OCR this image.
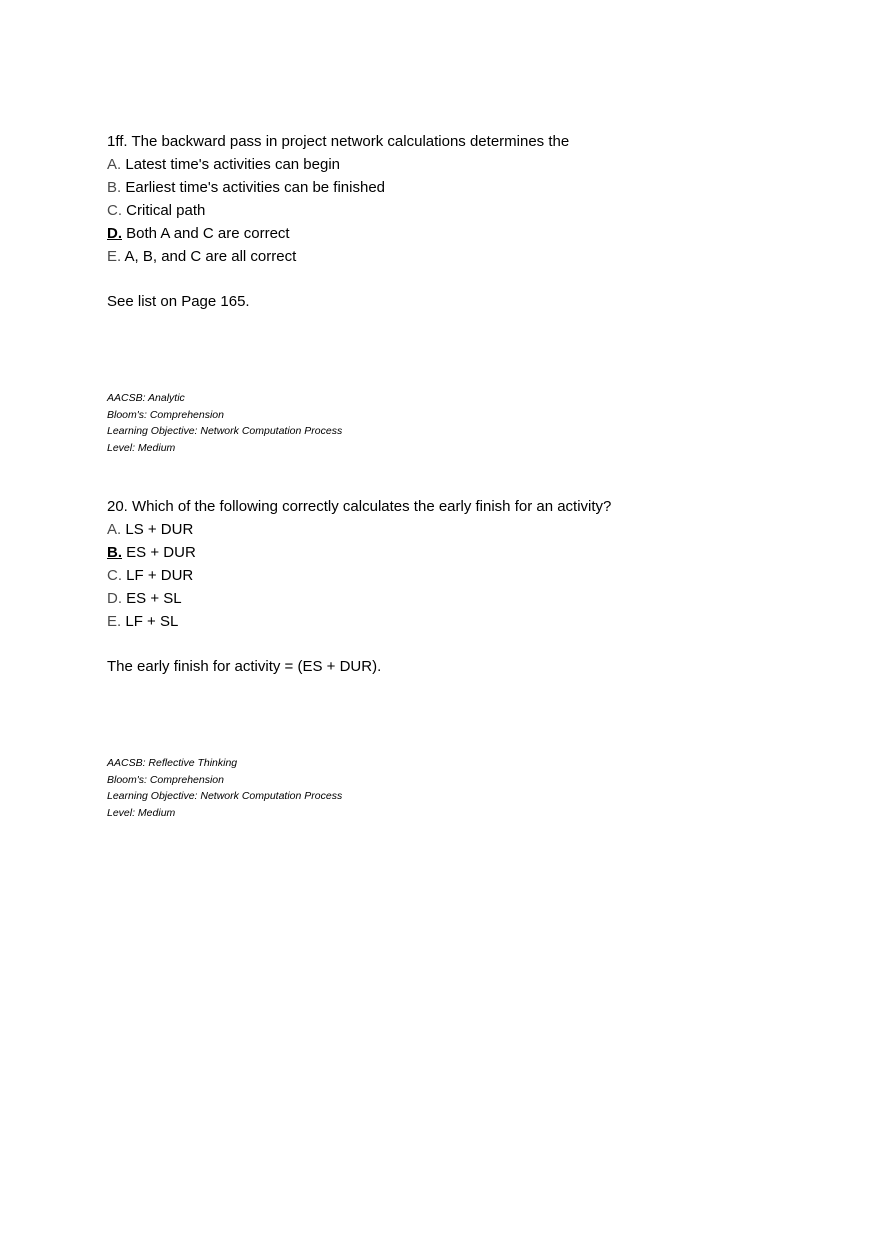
1ff. The backward pass in project network calculations determines the

A. Latest time's activities can begin

B. Earliest time's activities can be finished

C. Critical path

D. Both A and C are correct

E. A, B, and C are all correct

See list on Page 165.

AACSB: Analytic

Bloom's: Comprehension

Learning Objective: Network Computation Process

Level: Medium

20. Which of the following correctly calculates the early finish for an activity?

A. LS + DUR

B. ES + DUR

C. LF + DUR

D. ES + SL

E. LF + SL

The early finish for activity = (ES + DUR).

AACSB: Reflective Thinking

Bloom's: Comprehension

Learning Objective: Network Computation Process

Level: Medium
